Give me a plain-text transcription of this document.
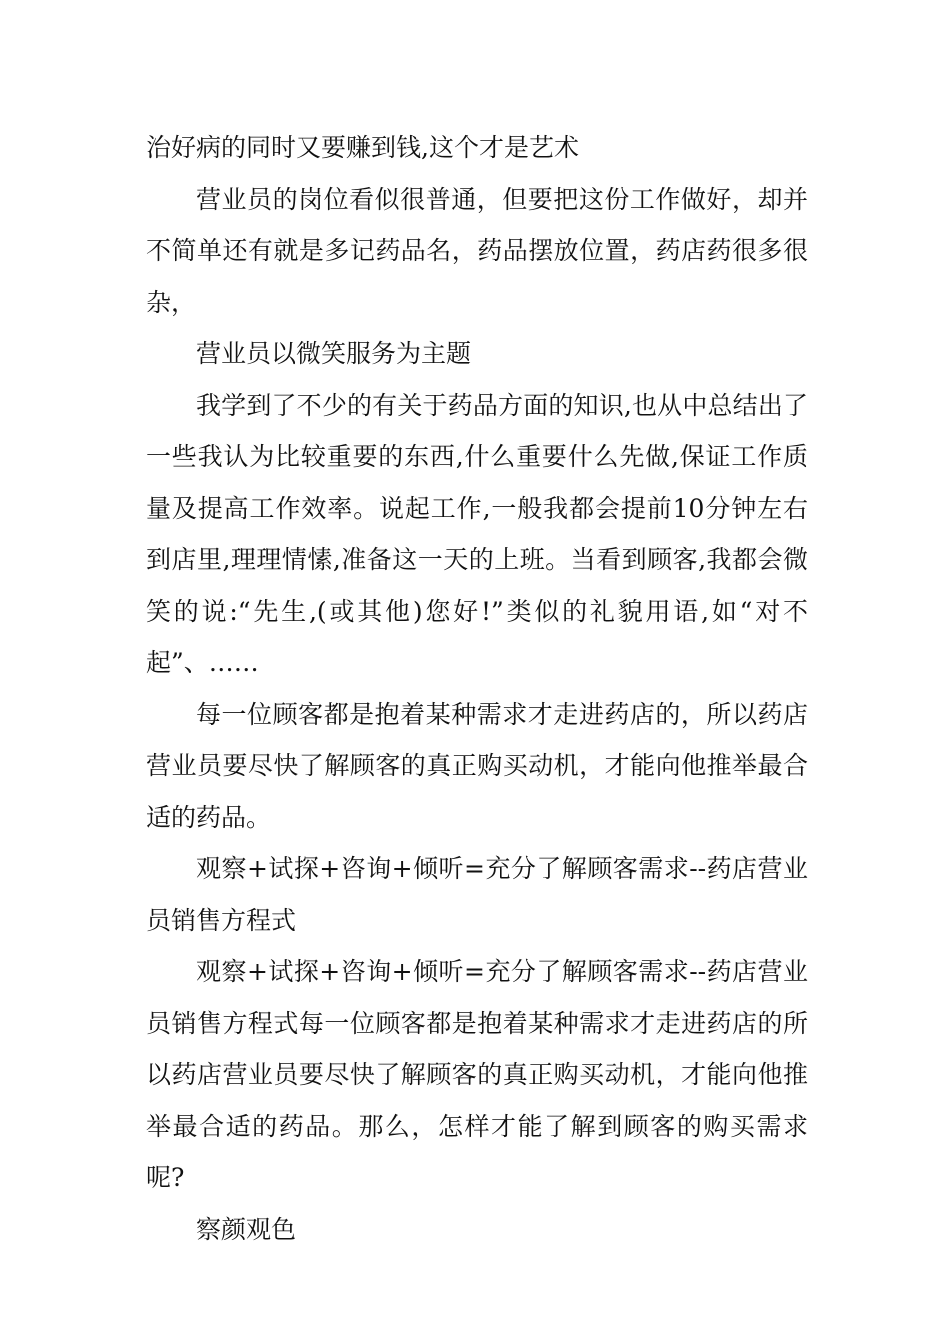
治好病的同时又要赚到钱,这个才是艺术

营业员的岗位看似很普通，但要把这份工作做好，却并不简单还有就是多记药品名，药品摆放位置，药店药很多很杂，

营业员以微笑服务为主题

我学到了不少的有关于药品方面的知识,也从中总结出了一些我认为比较重要的东西,什么重要什么先做,保证工作质量及提高工作效率。说起工作,一般我都会提前10分钟左右到店里,理理情愫,准备这一天的上班。当看到顾客,我都会微笑的说:“先生,(或其他)您好!”类似的礼貌用语,如“对不起”、……

每一位顾客都是抱着某种需求才走进药店的，所以药店营业员要尽快了解顾客的真正购买动机，才能向他推举最合适的药品。

观察+试探+咨询+倾听=充分了解顾客需求--药店营业员销售方程式

观察+试探+咨询+倾听=充分了解顾客需求--药店营业员销售方程式每一位顾客都是抱着某种需求才走进药店的所以药店营业员要尽快了解顾客的真正购买动机，才能向他推举最合适的药品。那么，怎样才能了解到顾客的购买需求呢?

察颜观色
